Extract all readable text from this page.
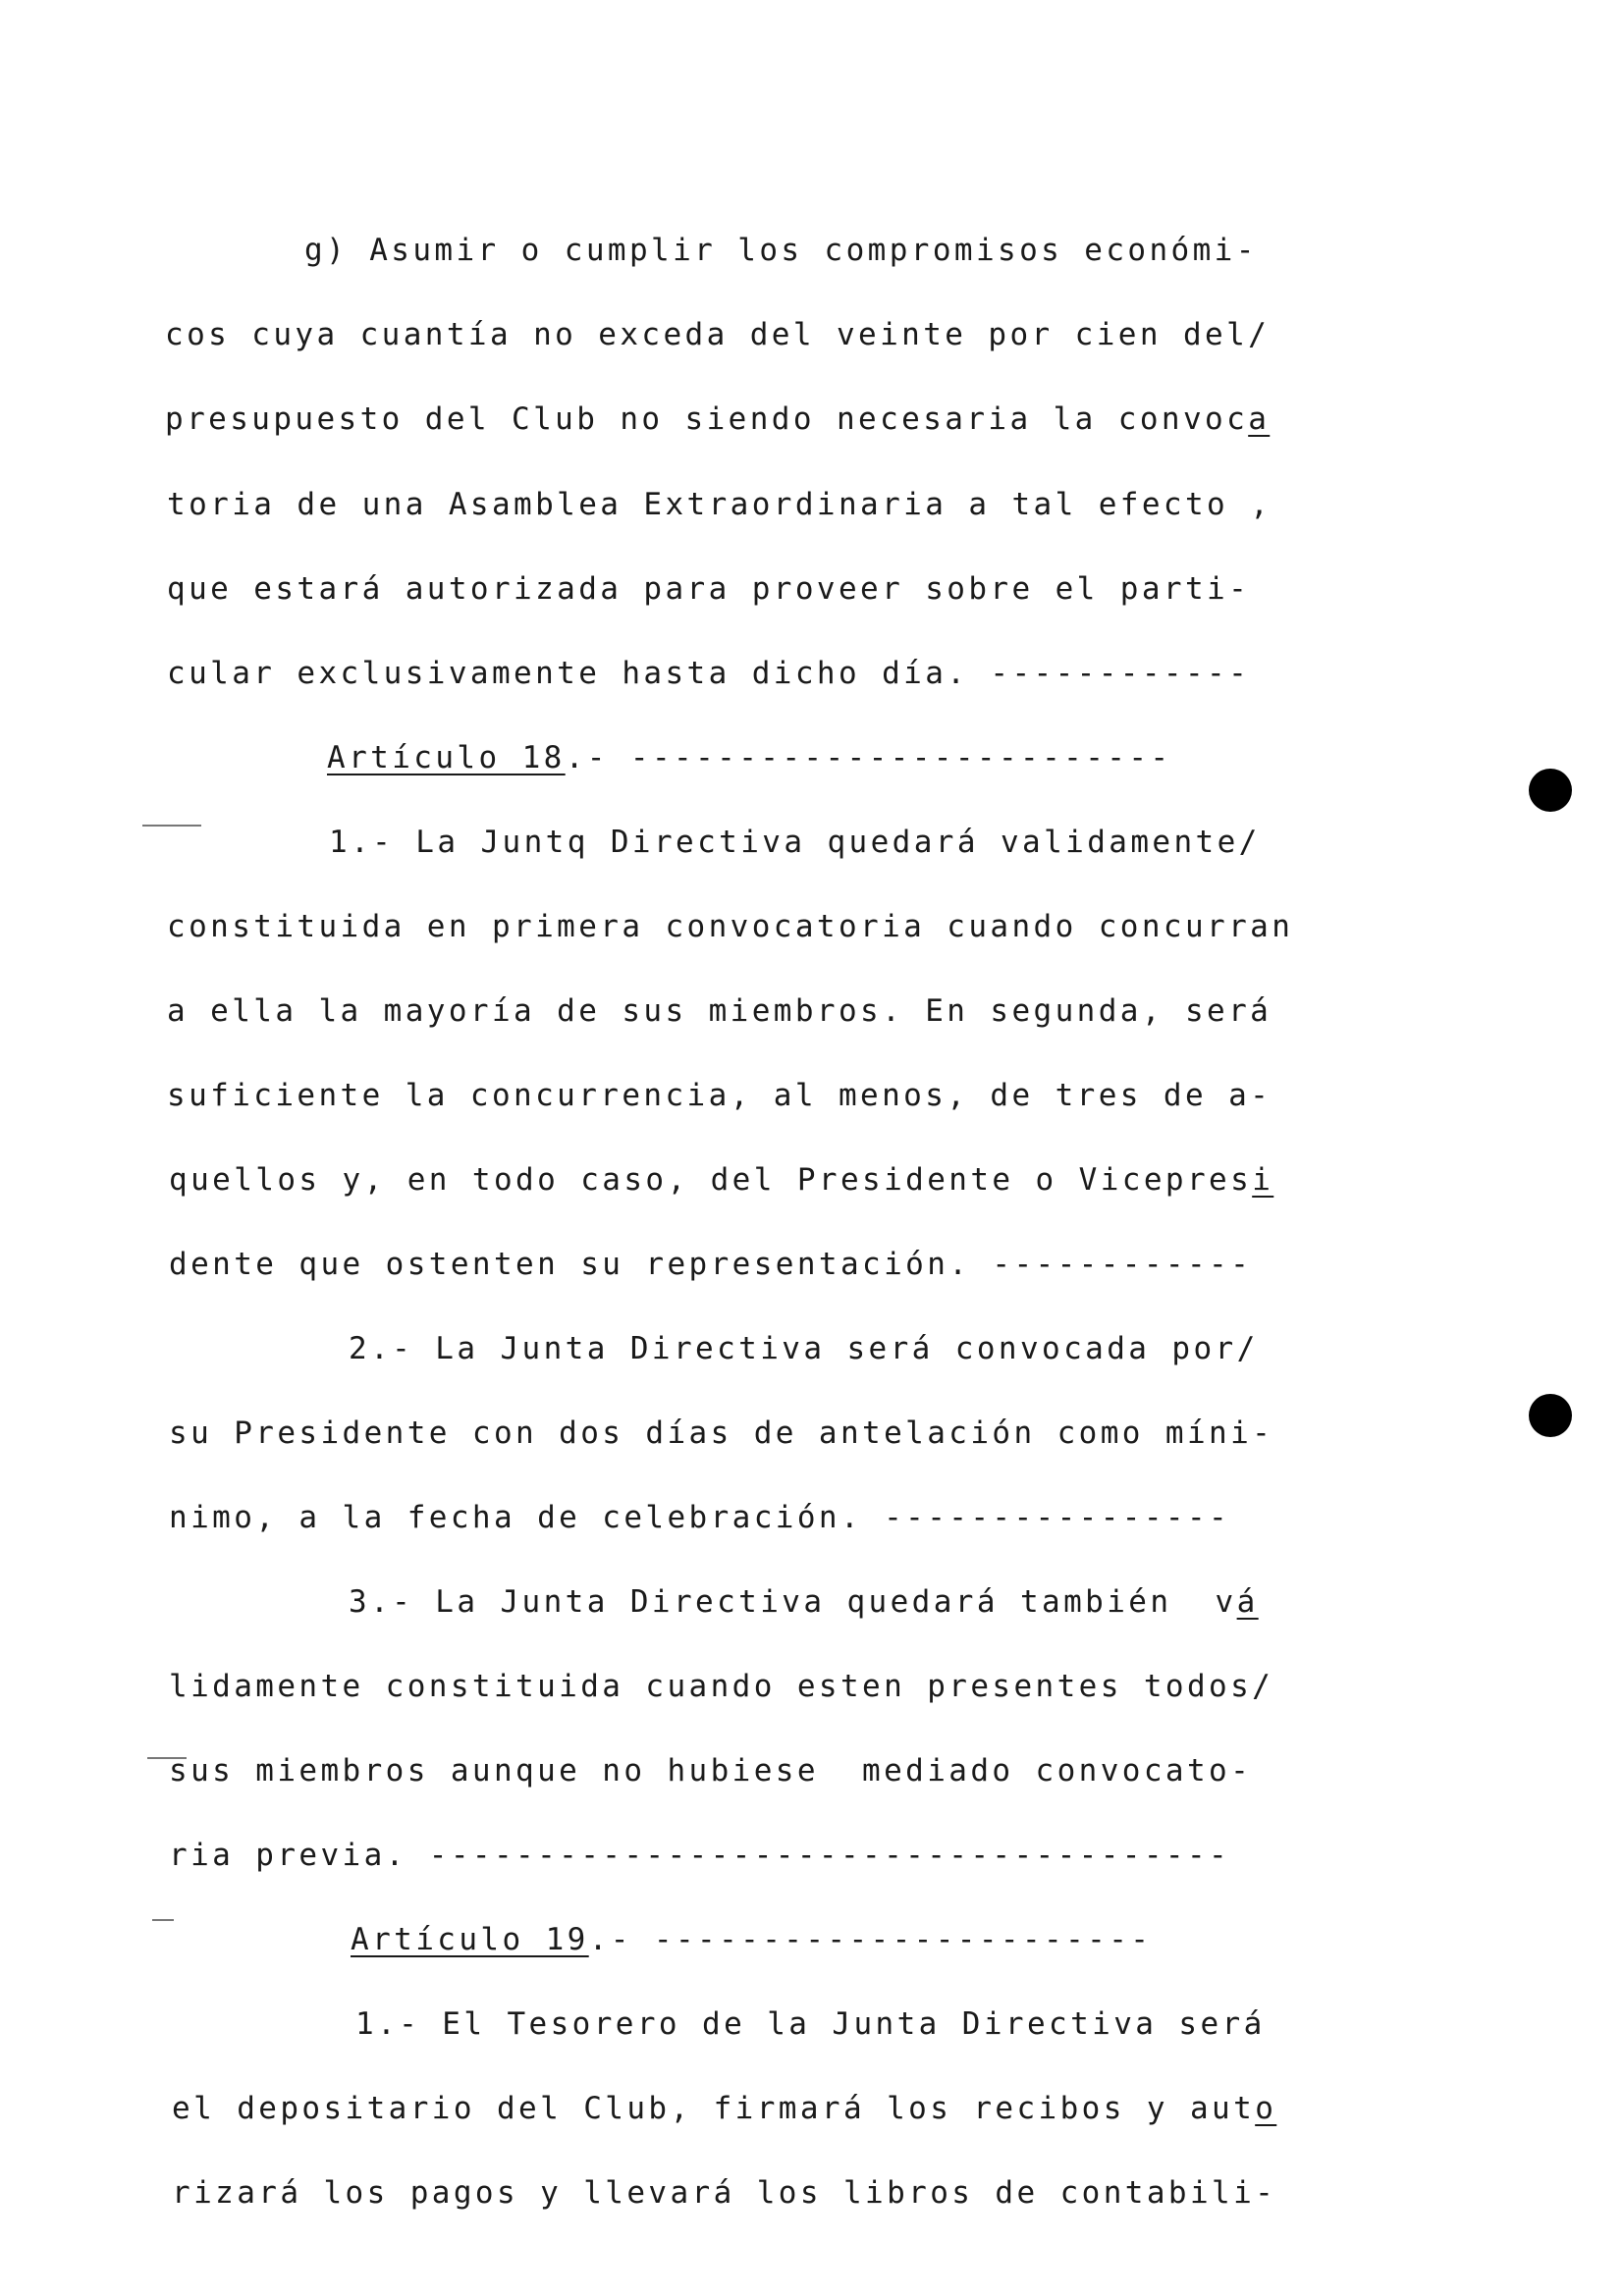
g) Asumir o cumplir los compromisos económi-
cos cuya cuantía no exceda del veinte por cien del/
presupuesto del Club no siendo necesaria la convoca
toria de una Asamblea Extraordinaria a tal efecto ,
que estará autorizada para proveer sobre el parti-
cular exclusivamente hasta dicho día. ------------
Artículo 18.- -------------------------
1.- La Juntq Directiva quedará validamente/
constituida en primera convocatoria cuando concurran
a ella la mayoría de sus miembros. En segunda, será
suficiente la concurrencia, al menos, de tres de a-
quellos y, en todo caso, del Presidente o Vicepresi
dente que ostenten su representación. ------------
2.- La Junta Directiva será convocada por/
su Presidente con dos días de antelación como míni-
nimo, a la fecha de celebración. ----------------
3.- La Junta Directiva quedará también  vá
lidamente constituida cuando esten presentes todos/
sus miembros aunque no hubiese  mediado convocato-
ria previa. -------------------------------------
Artículo 19.- -----------------------
1.- El Tesorero de la Junta Directiva será
el depositario del Club, firmará los recibos y auto
rizará los pagos y llevará los libros de contabili-
